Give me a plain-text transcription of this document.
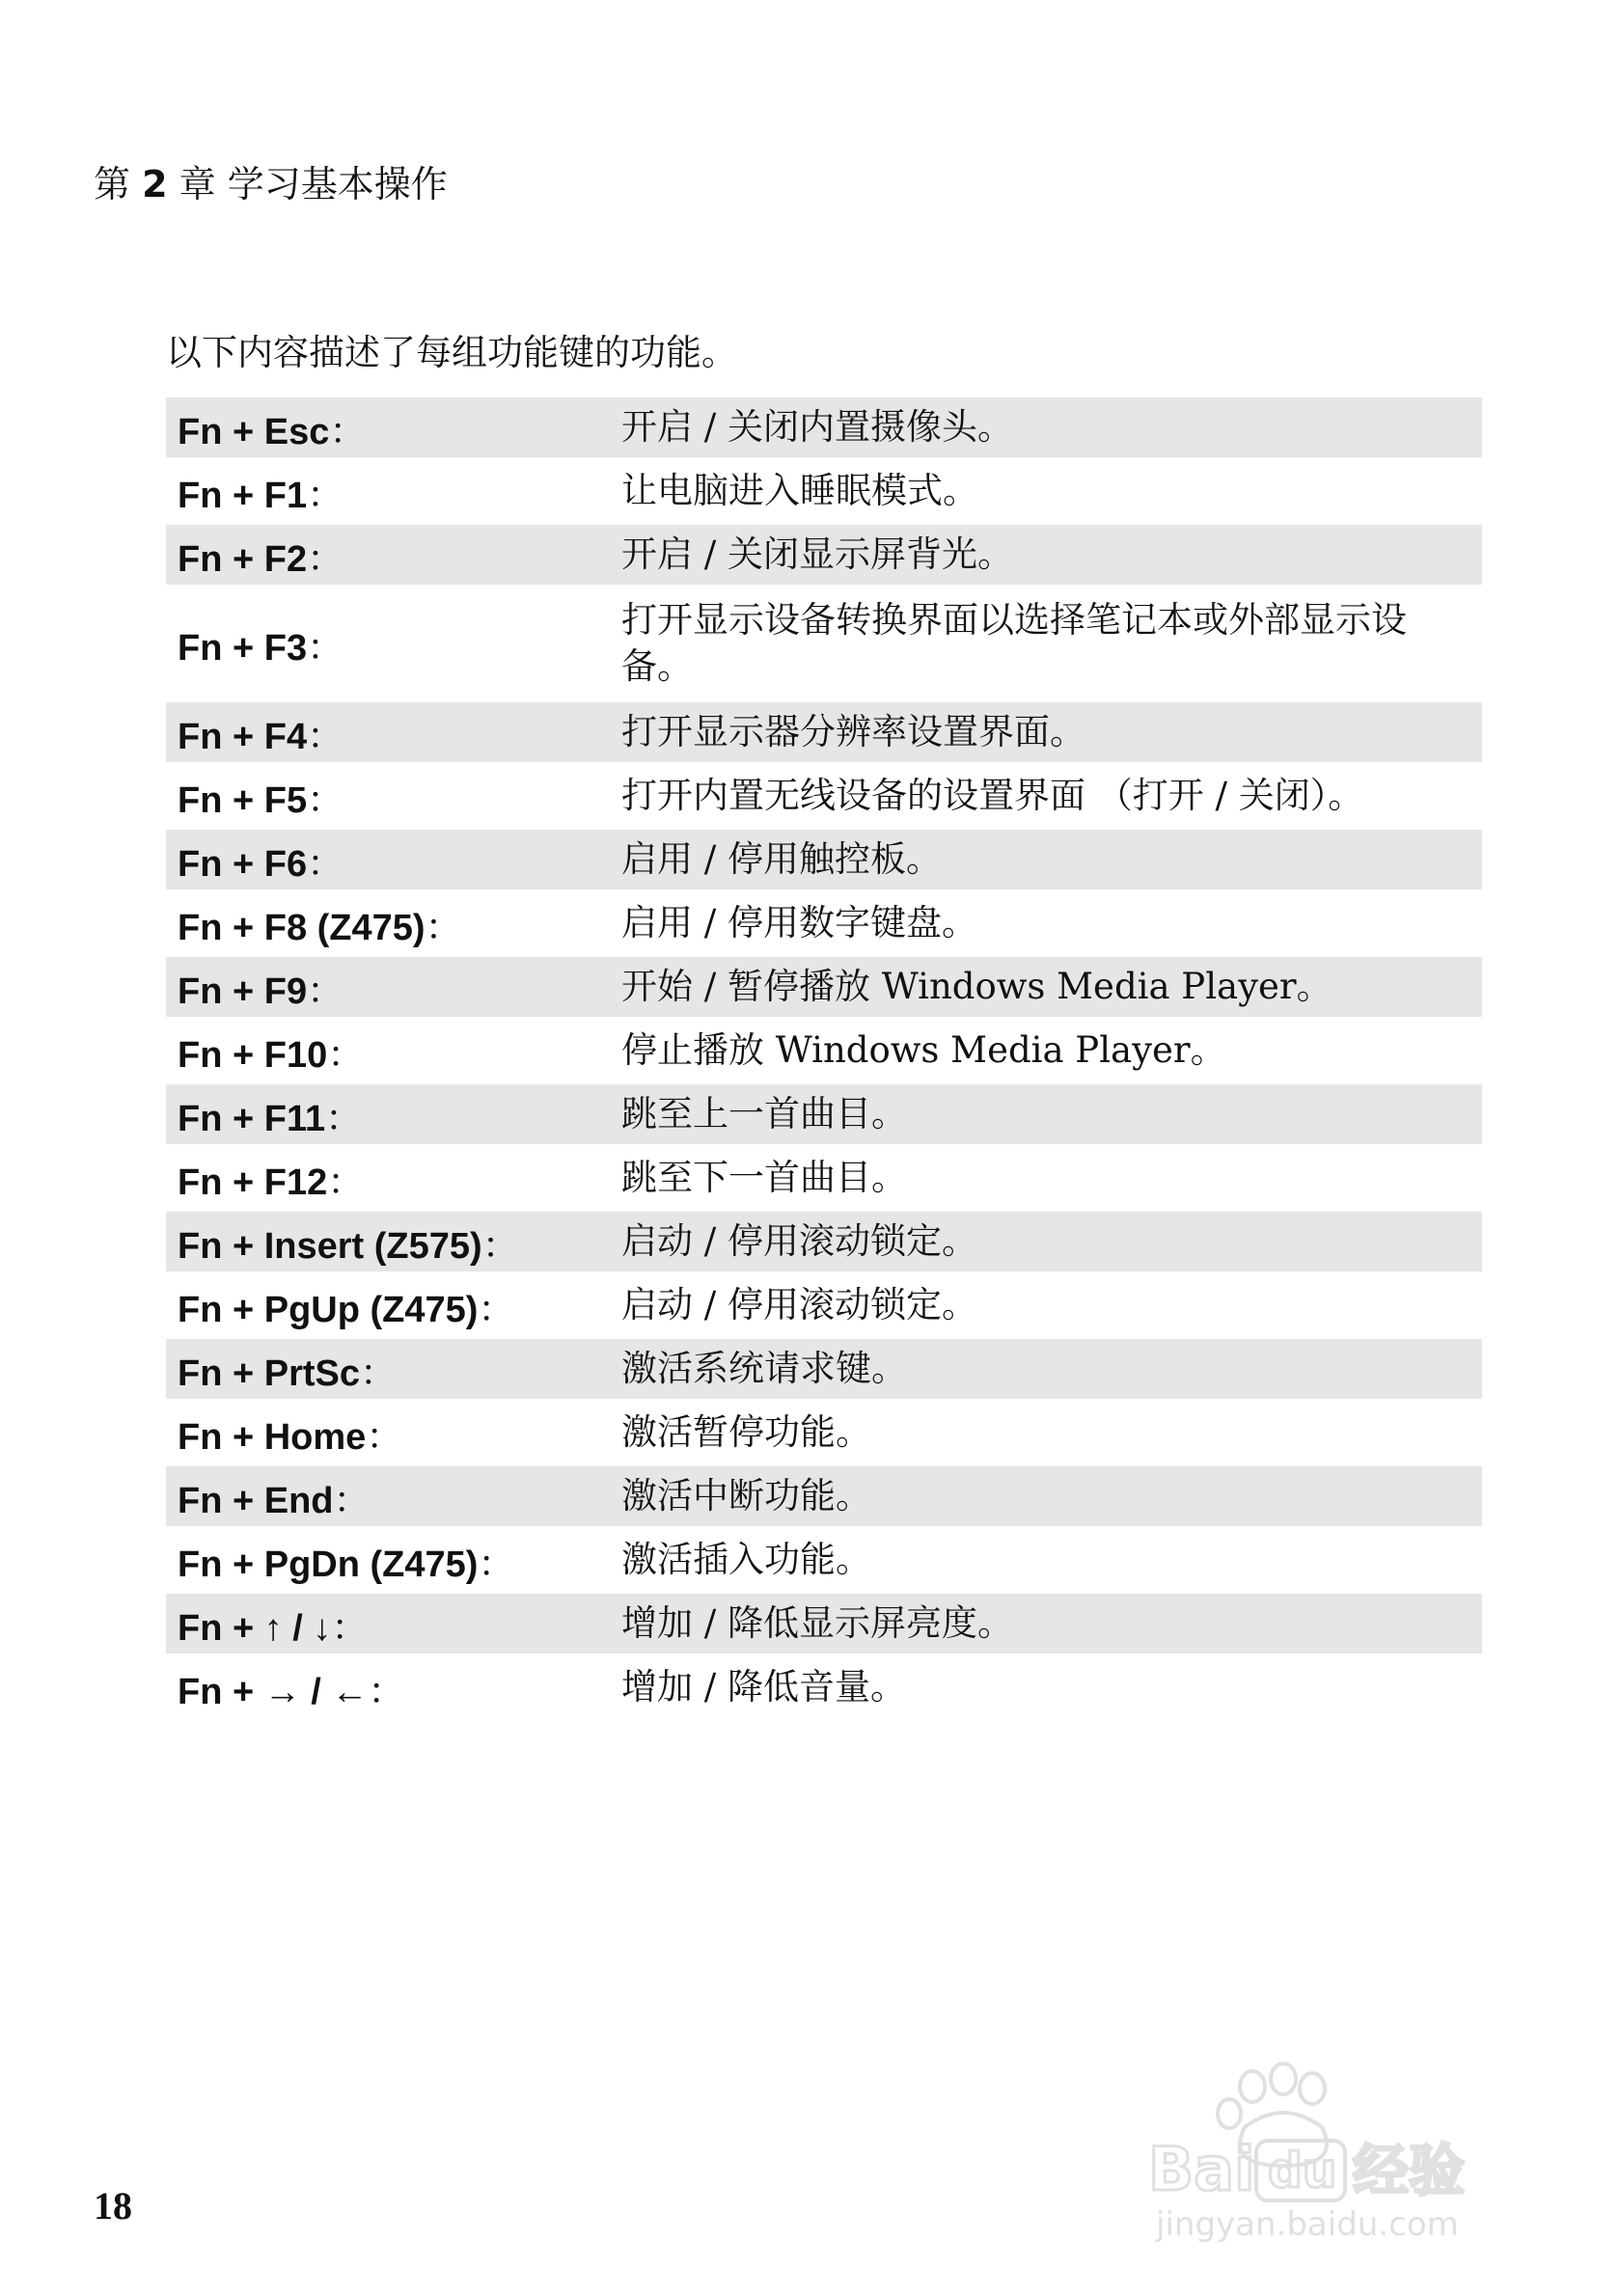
第 2 章 学习基本操作
以下内容描述了每组功能键的功能。
Fn + Esc：	开启 / 关闭内置摄像头。
Fn + F1：	让电脑进入睡眠模式。
Fn + F2：	开启 / 关闭显示屏背光。
Fn + F3：
打开显示设备转换界面以选择笔记本或外部显示设备。
Fn + F4：	打开显示器分辨率设置界面。
Fn + F5：	打开内置无线设备的设置界面 （打开 / 关闭）。
Fn + F6：	启用 / 停用触控板。
Fn + F8 (Z475)：	启用 / 停用数字键盘。
Fn + F9：	开始 / 暂停播放 Windows Media Player。
Fn + F10：	停止播放 Windows Media Player。
Fn + F11：	跳至上一首曲目。
Fn + F12：	跳至下一首曲目。
Fn + Insert (Z575)：	启动 / 停用滚动锁定。
Fn + PgUp (Z475)：	启动 / 停用滚动锁定。
Fn + PrtSc：	激活系统请求键。
Fn + Home：	激活暂停功能。
Fn + End：	激活中断功能。
Fn + PgDn (Z475)：	激活插入功能。
Fn + ↑ / ↓：	增加 / 降低显示屏亮度。
Fn + → / ←：	增加 / 降低音量。
18
Bai du 经验
jingyan.baidu.com
